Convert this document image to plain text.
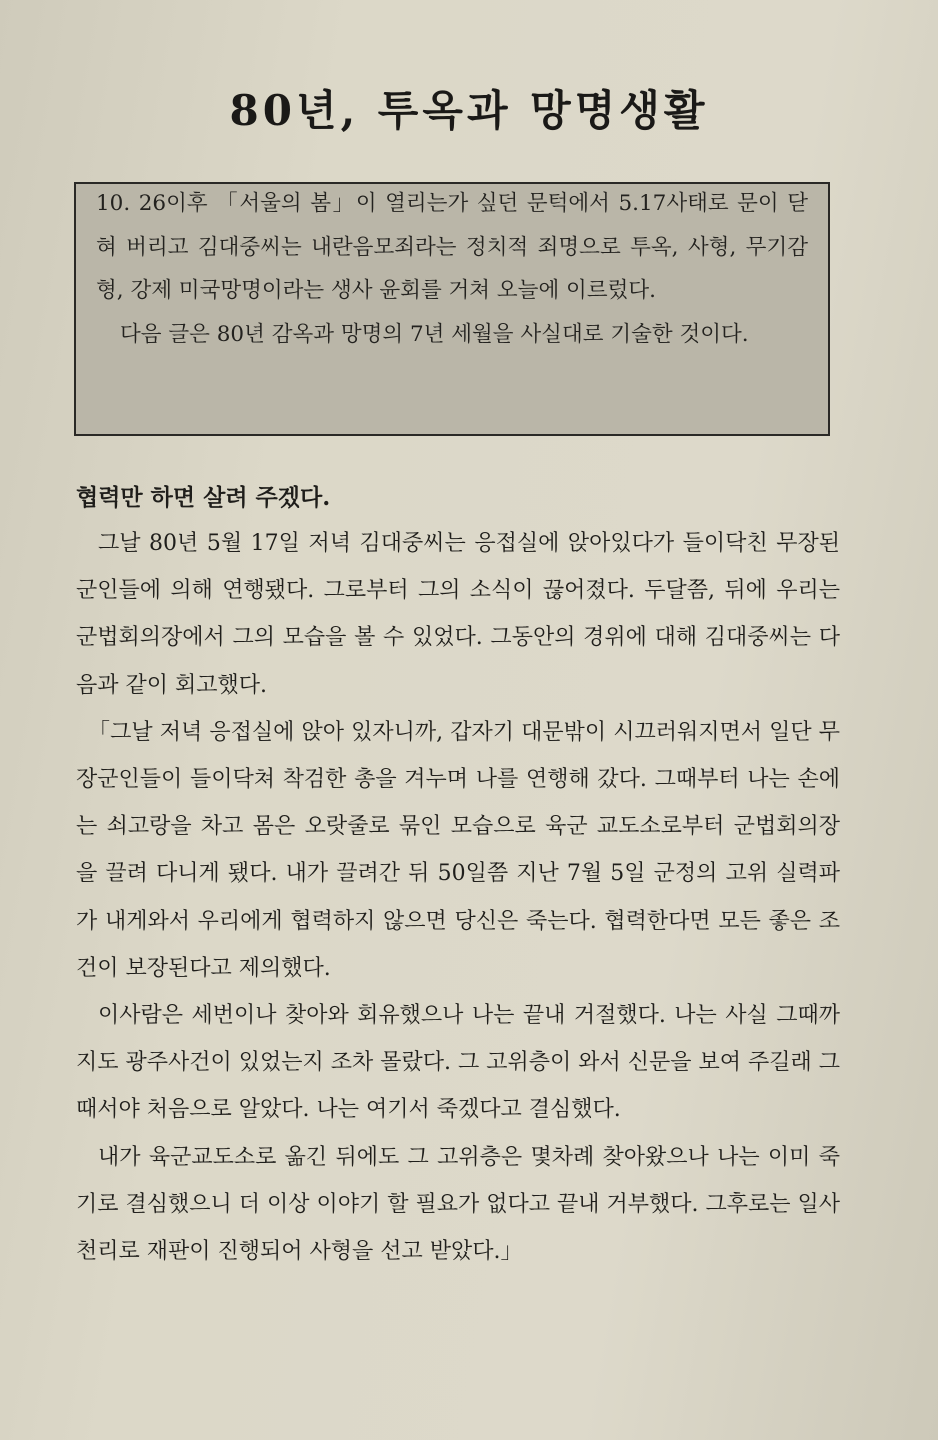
80년, 투옥과 망명생활

10. 26이후 「서울의 봄」이 열리는가 싶던 문턱에서 5.17사태로 문이 닫혀 버리고 김대중씨는 내란음모죄라는 정치적 죄명으로 투옥, 사형, 무기감형, 강제 미국망명이라는 생사 윤회를 거쳐 오늘에 이르렀다.

다음 글은 80년 감옥과 망명의 7년 세월을 사실대로 기술한 것이다.

협력만 하면 살려 주겠다.

그날 80년 5월 17일 저녁 김대중씨는 응접실에 앉아있다가 들이닥친 무장된 군인들에 의해 연행됐다. 그로부터 그의 소식이 끊어졌다. 두달쯤, 뒤에 우리는 군법회의장에서 그의 모습을 볼 수 있었다. 그동안의 경위에 대해 김대중씨는 다음과 같이 회고했다.

「그날 저녁 응접실에 앉아 있자니까, 갑자기 대문밖이 시끄러워지면서 일단 무장군인들이 들이닥쳐 착검한 총을 겨누며 나를 연행해 갔다. 그때부터 나는 손에는 쇠고랑을 차고 몸은 오랏줄로 묶인 모습으로 육군 교도소로부터 군법회의장을 끌려 다니게 됐다. 내가 끌려간 뒤 50일쯤 지난 7월 5일 군정의 고위 실력파가 내게와서 우리에게 협력하지 않으면 당신은 죽는다. 협력한다면 모든 좋은 조건이 보장된다고 제의했다.

이사람은 세번이나 찾아와 회유했으나 나는 끝내 거절했다. 나는 사실 그때까지도 광주사건이 있었는지 조차 몰랐다. 그 고위층이 와서 신문을 보여 주길래 그때서야 처음으로 알았다. 나는 여기서 죽겠다고 결심했다.

내가 육군교도소로 옮긴 뒤에도 그 고위층은 몇차례 찾아왔으나 나는 이미 죽기로 결심했으니 더 이상 이야기 할 필요가 없다고 끝내 거부했다. 그후로는 일사천리로 재판이 진행되어 사형을 선고 받았다.」
